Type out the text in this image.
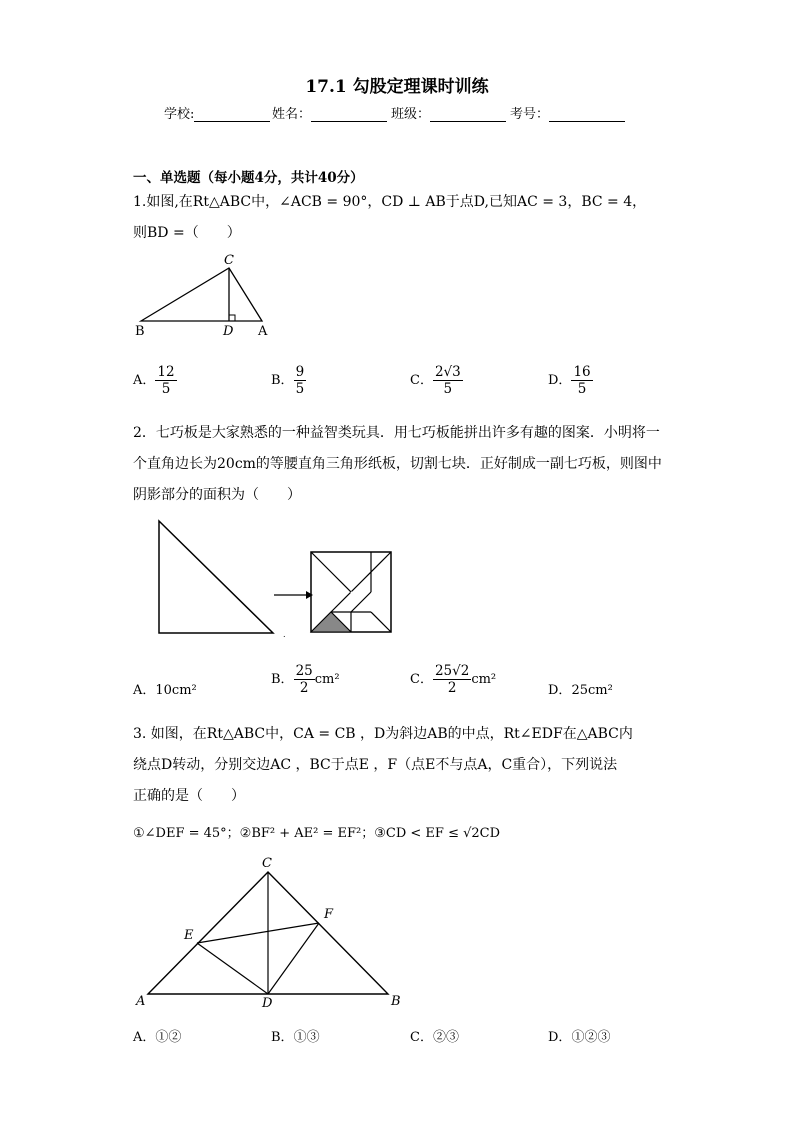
17.1 勾股定理课时训练
学校:	姓名：	班级：	考号：
一、单选题（每小题4分，共计40分）
1.如图,在Rt△ABC中，∠ACB = 90°，CD ⊥ AB于点D,已知AC = 3，BC = 4，
则BD =（　　）
C
B	D A
A． $\frac{12}{5}$	B． $\frac{9}{5}$	C． $\frac{2√3}{5}$	D． $\frac{16}{5}$
2．七巧板是大家熟悉的一种益智类玩具．用七巧板能拼出许多有趣的图案．小明将一
个直角边长为20cm的等腰直角三角形纸板，切割七块．正好制成一副七巧板，则图中
阴影部分的面积为（　　）
.
A．10cm²
B． $\frac{25}{2} cm^2$	C． $\frac{25√2}{2} cm^2$
D．25cm²
3. 如图，在Rt△ABC中，CA = CB ，D为斜边AB的中点，Rt∠EDF在△ABC内
绕点D转动，分别交边AC ，BC于点E ，F（点E不与点A，C重合），下列说法
正确的是（　　）
①∠DEF = 45°；②BF² + AE² = EF²；③CD < EF ≤ √2CD
C
E
F
A	D	B
A．①②	B．①③	C．②③	D．①②③
